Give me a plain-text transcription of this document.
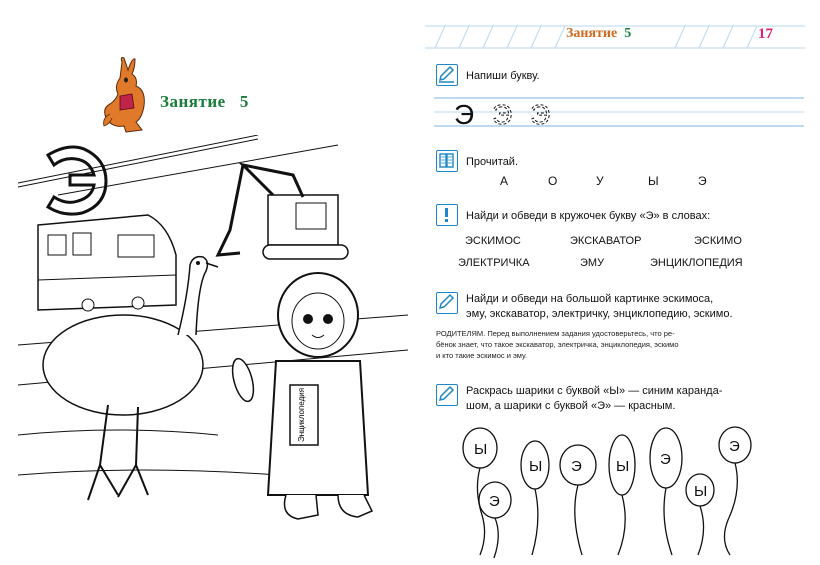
Занятие 5
Энциклопедия
Занятие 5	17
Напиши букву.
Э Э Э
Прочитай.
А	О	У	Ы	Э
Найди и обведи в кружочек букву «Э» в словах:
ЭСКИМОС	ЭКСКАВАТОР	ЭСКИМО
ЭЛЕКТРИЧКА	ЭМУ	ЭНЦИКЛОПЕДИЯ
Найди и обведи на большой картинке эскимоса,
эму, экскаватор, электричку, энциклопедию, эскимо.
РОДИТЕЛЯМ. Перед выполнением задания удостоверьтесь, что ре-
бёнок знает, что такое экскаватор, электричка, энциклопедия, эскимо
и кто такие эскимос и эму.
Раскрась шарики с буквой «Ы» — синим каранда-
шом, а шарики с буквой «Э» — красным.
Ы
Э
Ы Э Ы Э
Ы
Э
